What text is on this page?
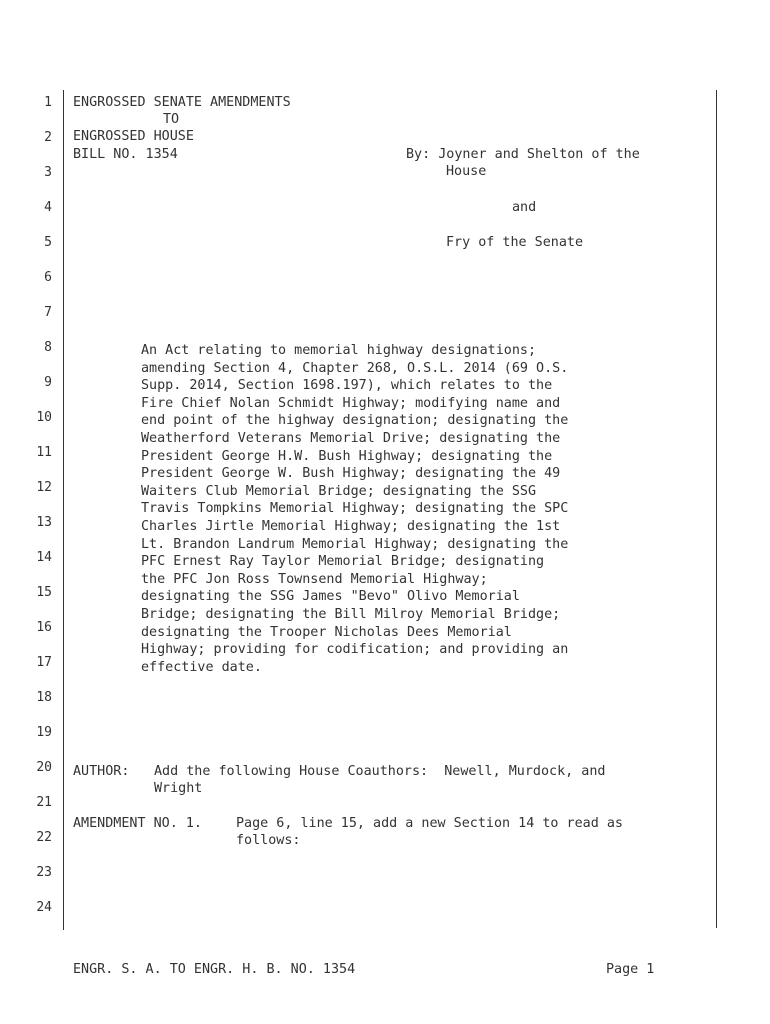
1
2
3
4
5
6
7
8
9
10
11
12
13
14
15
16
17
18
19
20
21
22
23
24
ENGROSSED SENATE AMENDMENTS
TO
ENGROSSED HOUSE
BILL NO. 1354	By: Joyner and Shelton of the
House
and
Fry of the Senate
An Act relating to memorial highway designations;
amending Section 4, Chapter 268, O.S.L. 2014 (69 O.S.
Supp. 2014, Section 1698.197), which relates to the
Fire Chief Nolan Schmidt Highway; modifying name and
end point of the highway designation; designating the
Weatherford Veterans Memorial Drive; designating the
President George H.W. Bush Highway; designating the
President George W. Bush Highway; designating the 49
Waiters Club Memorial Bridge; designating the SSG
Travis Tompkins Memorial Highway; designating the SPC
Charles Jirtle Memorial Highway; designating the 1st
Lt. Brandon Landrum Memorial Highway; designating the
PFC Ernest Ray Taylor Memorial Bridge; designating
the PFC Jon Ross Townsend Memorial Highway;
designating the SSG James "Bevo" Olivo Memorial
Bridge; designating the Bill Milroy Memorial Bridge;
designating the Trooper Nicholas Dees Memorial
Highway; providing for codification; and providing an
effective date.
AUTHOR: Add the following House Coauthors:  Newell, Murdock, and
Wright
AMENDMENT NO. 1.	Page 6, line 15, add a new Section 14 to read as
follows:
ENGR. S. A. TO ENGR. H. B. NO. 1354	Page 1
